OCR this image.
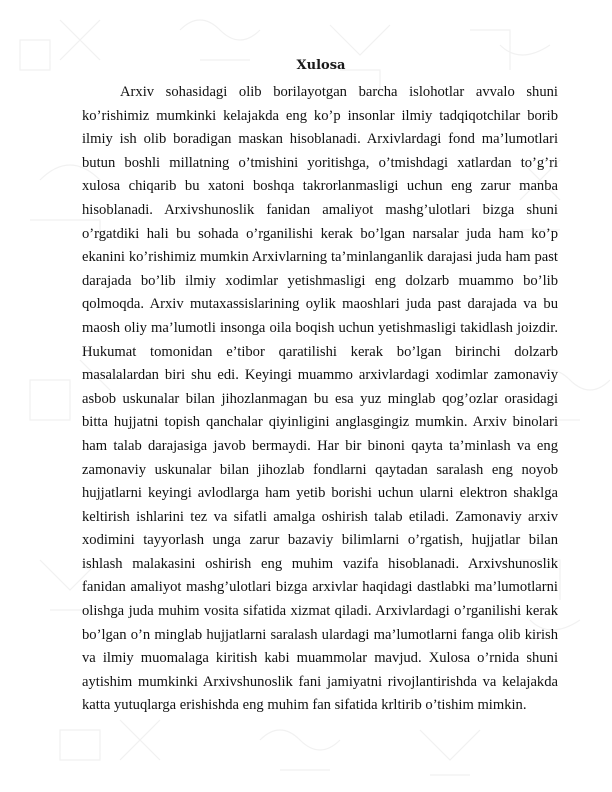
Xulosa

Arxiv sohasidagi olib borilayotgan barcha islohotlar avvalo shuni ko’rishimiz mumkinki kelajakda eng ko’p insonlar ilmiy tadqiqotchilar borib ilmiy ish olib boradigan maskan hisoblanadi. Arxivlardagi fond ma’lumotlari butun boshli millatning o’tmishini yoritishga, o’tmishdagi xatlardan to’g’ri xulosa chiqarib bu xatoni boshqa takrorlanmasligi uchun eng zarur manba hisoblanadi. Arxivshunoslik fanidan amaliyot mashg’ulotlari bizga shuni o’rgatdiki hali bu sohada o’rganilishi kerak bo’lgan narsalar juda ham ko’p ekanini ko’rishimiz mumkin Arxivlarning ta’minlanganlik darajasi juda ham past darajada bo’lib ilmiy xodimlar yetishmasligi eng dolzarb muammo bo’lib qolmoqda. Arxiv mutaxassislarining oylik maoshlari juda past darajada va bu maosh oliy ma’lumotli insonga oila boqish uchun yetishmasligi takidlash joizdir. Hukumat tomonidan e’tibor qaratilishi kerak bo’lgan birinchi dolzarb masalalardan biri shu edi. Keyingi muammo arxivlardagi xodimlar zamonaviy asbob uskunalar bilan jihozlanmagan bu esa yuz minglab qog’ozlar orasidagi bitta hujjatni topish qanchalar qiyinligini anglasgingiz mumkin. Arxiv binolari ham talab darajasiga javob bermaydi. Har bir binoni qayta ta’minlash va eng zamonaviy uskunalar bilan jihozlab fondlarni qaytadan saralash eng noyob hujjatlarni keyingi avlodlarga ham yetib borishi uchun ularni elektron shaklga keltirish ishlarini tez va sifatli amalga oshirish talab etiladi. Zamonaviy arxiv xodimini tayyorlash unga zarur bazaviy bilimlarni o’rgatish, hujjatlar bilan ishlash malakasini oshirish eng muhim vazifa hisoblanadi. Arxivshunoslik fanidan amaliyot mashg’ulotlari bizga arxivlar haqidagi dastlabki ma’lumotlarni olishga juda muhim vosita sifatida xizmat qiladi. Arxivlardagi o’rganilishi kerak bo’lgan o’n minglab hujjatlarni saralash ulardagi ma’lumotlarni fanga olib kirish va ilmiy muomalaga kiritish kabi muammolar mavjud. Xulosa o’rnida shuni aytishim mumkinki Arxivshunoslik fani jamiyatni rivojlantirishda va kelajakda katta yutuqlarga erishishda eng muhim fan sifatida krltirib o’tishim mimkin.
